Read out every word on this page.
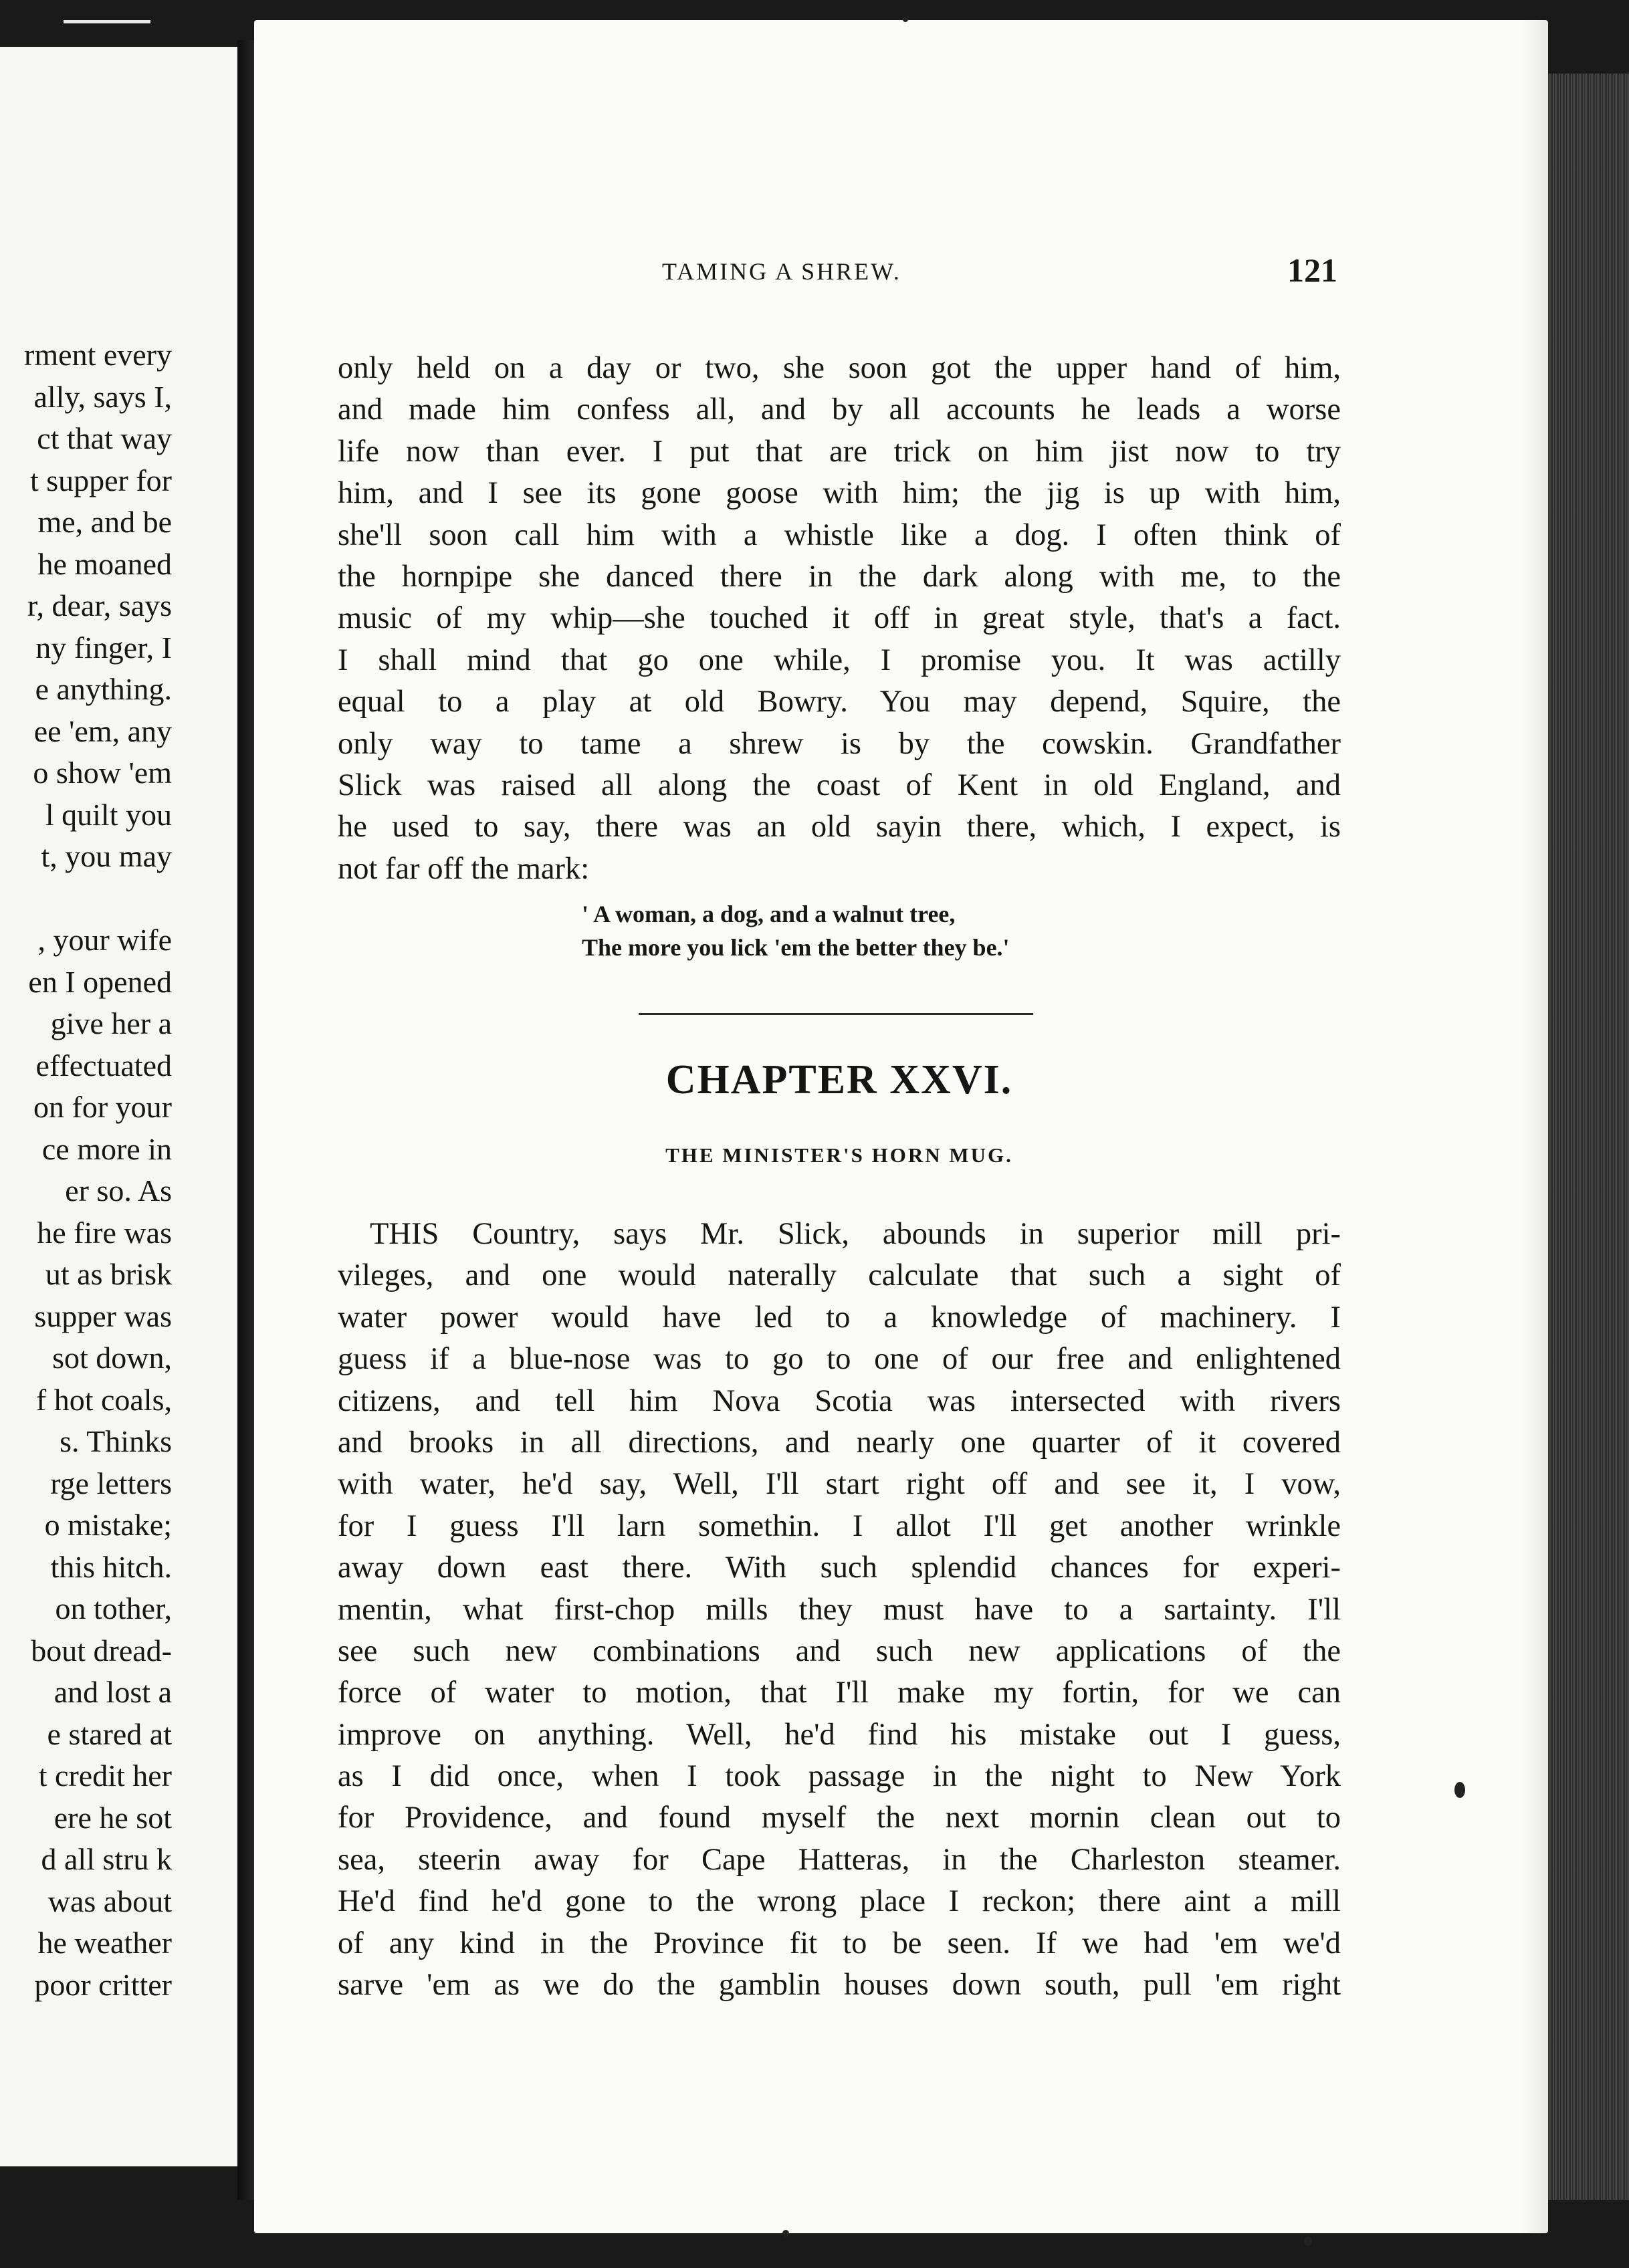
rment every
ally, says I,
ct that way
t supper for
me, and be
he moaned
r, dear, says
ny finger, I
e anything.
ee 'em, any
o show 'em
l quilt you
t, you may
, your wife
en I opened
give her a
effectuated
on for your
ce more in
er so. As
he fire was
ut as brisk
supper was
sot down,
f hot coals,
s. Thinks
rge letters
o mistake;
this hitch.
on tother,
bout dread-
and lost a
e stared at
t credit her
ere he sot
d all stru k
was about
he weather
poor critter
TAMING A SHREW.	121
only held on a day or two, she soon got the upper hand of him,
and made him confess all, and by all accounts he leads a worse
life now than ever. I put that are trick on him jist now to try
him, and I see its gone goose with him; the jig is up with him,
she'll soon call him with a whistle like a dog. I often think of
the hornpipe she danced there in the dark along with me, to the
music of my whip—she touched it off in great style, that's a fact.
I shall mind that go one while, I promise you. It was actilly
equal to a play at old Bowry. You may depend, Squire, the
only way to tame a shrew is by the cowskin. Grandfather
Slick was raised all along the coast of Kent in old England, and
he used to say, there was an old sayin there, which, I expect, is
not far off the mark:
' A woman, a dog, and a walnut tree,
The more you lick 'em the better they be.'
CHAPTER XXVI.
THE MINISTER'S HORN MUG.
THIS Country, says Mr. Slick, abounds in superior mill pri-
vileges, and one would naterally calculate that such a sight of
water power would have led to a knowledge of machinery. I
guess if a blue-nose was to go to one of our free and enlightened
citizens, and tell him Nova Scotia was intersected with rivers
and brooks in all directions, and nearly one quarter of it covered
with water, he'd say, Well, I'll start right off and see it, I vow,
for I guess I'll larn somethin. I allot I'll get another wrinkle
away down east there. With such splendid chances for experi-
mentin, what first-chop mills they must have to a sartainty. I'll
see such new combinations and such new applications of the
force of water to motion, that I'll make my fortin, for we can
improve on anything. Well, he'd find his mistake out I guess,
as I did once, when I took passage in the night to New York
for Providence, and found myself the next mornin clean out to
sea, steerin away for Cape Hatteras, in the Charleston steamer.
He'd find he'd gone to the wrong place I reckon; there aint a mill
of any kind in the Province fit to be seen. If we had 'em we'd
sarve 'em as we do the gamblin houses down south, pull 'em right
